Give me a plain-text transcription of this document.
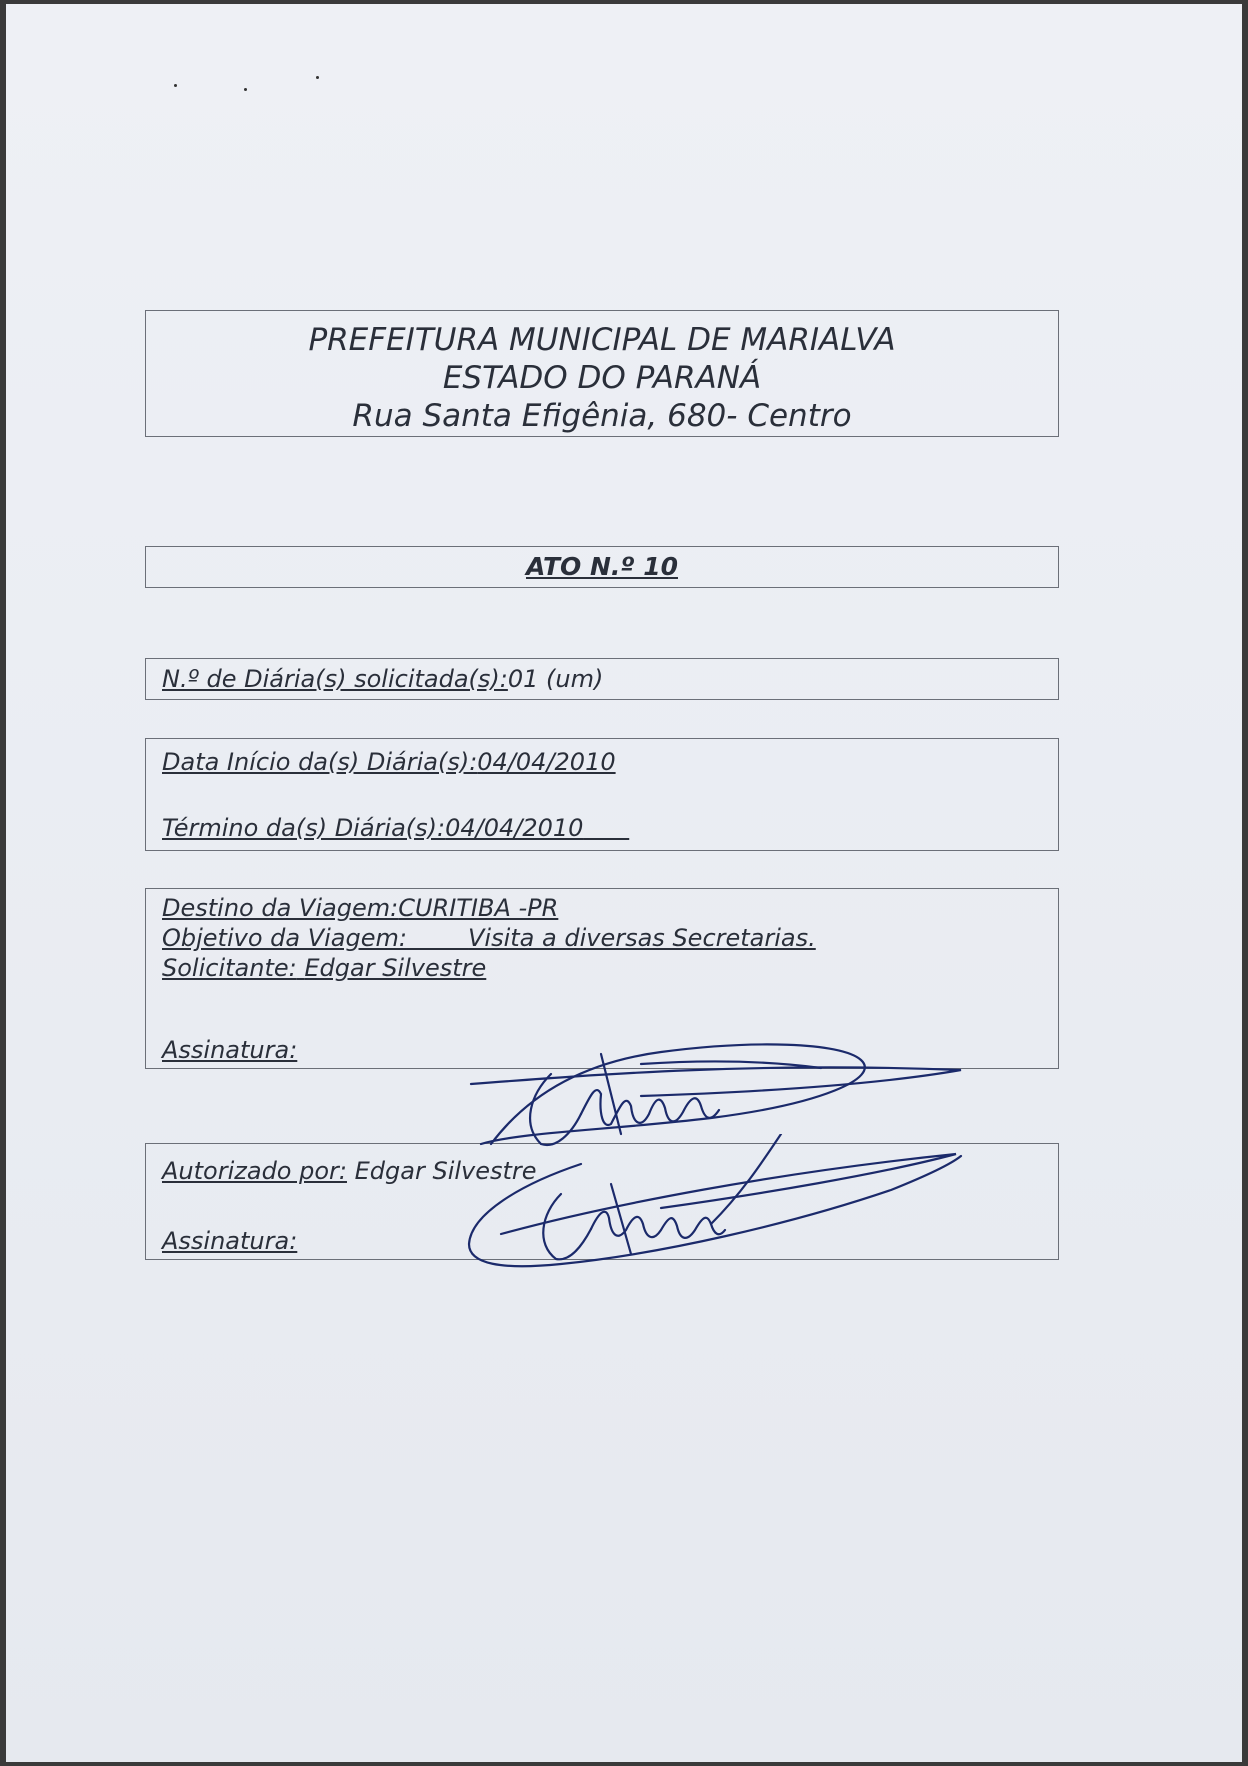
PREFEITURA MUNICIPAL DE MARIALVA
ESTADO DO PARANÁ
Rua Santa Efigênia, 680- Centro
ATO N.º 10
N.º de Diária(s) solicitada(s):01 (um)
Data Início da(s) Diária(s):04/04/2010
Término da(s) Diária(s):04/04/2010
Destino da Viagem:CURITIBA -PR
Objetivo da Viagem:	Visita a diversas Secretarias.
Solicitante: Edgar Silvestre
Assinatura:
Autorizado por: Edgar Silvestre
Assinatura:
